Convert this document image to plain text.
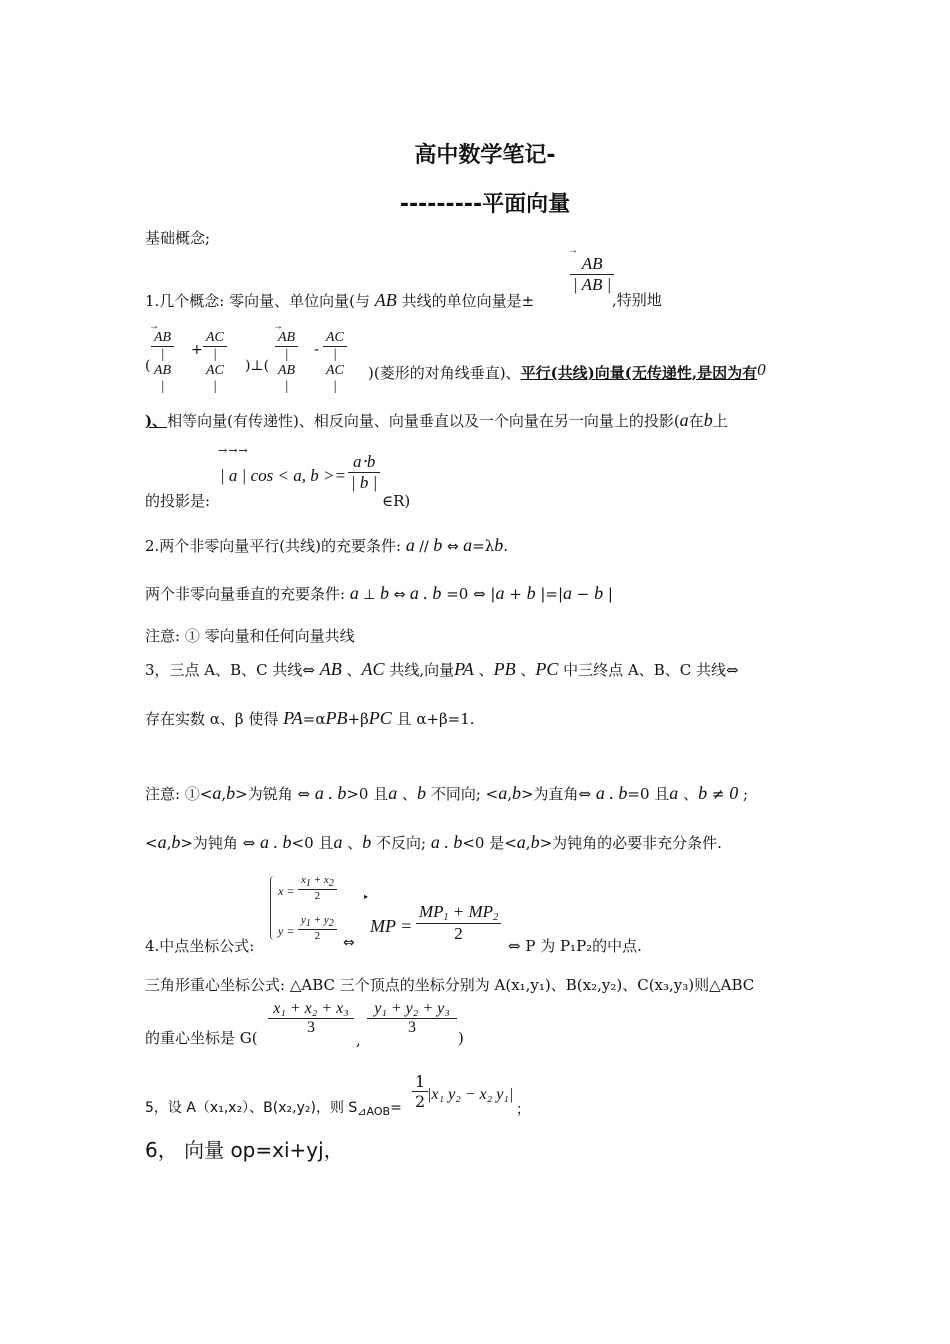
高中数学笔记-
---------平面向量
基础概念;
1.几个概念: 零向量、单位向量(与 AB 共线的单位向量是±
→ $\frac{AB}{| AB |}$
,特别地
( → $\frac{AB}{| AB |} + \frac{AC}{| AC |}$ )⊥( → $\frac{AB}{| AB |} - \frac{AC}{| AC |}$ )(菱形的对角线垂直)、平行(共线)向量(无传递性,是因为有0
)、相等向量(有传递性)、相反向量、向量垂直以及一个向量在另一向量上的投影(a在b上
的投影是:
→→→
| a | cos < a, $b >= \frac{a\cdot b}{| b |}$
∈R)
2.两个非零向量平行(共线)的充要条件: a // b ⇔ a=λb.
两个非零向量垂直的充要条件: a ⊥ b ⇔ a . b =0 ⇔ |a + b |=|a − b |
注意: ① 零向量和任何向量共线
3，三点 A、B、C 共线⇔ AB 、AC 共线,向量PA 、PB 、PC 中三终点 A、B、C 共线⇔
存在实数 α、β 使得 PA=αPB+βPC 且 α+β=1.
注意: ①<a,b>为锐角 ⇔ a . b>0 且a 、b 不同向; <a,b>为直角⇔ a . b=0 且a 、b ≠ 0 ;
<a,b>为钝角 ⇔ a . b<0 且a 、b 不反向; a . b<0 是<a,b>为钝角的必要非充分条件.
4.中点坐标公式:
$x = \frac{x1 + x2}{2}$
$y = \frac{y1 + y2}{2}$
⇔
▸
MP = $\frac{MP_1 + MP_2}{2}$
⇔ P 为 P₁P₂的中点.
三角形重心坐标公式: △ABC 三个顶点的坐标分别为 A(x₁,y₁)、B(x₂,y₂)、C(x₃,y₃)则△ABC
的重心坐标是 G(
$\frac{\text{x₁ + x₂ + x₃}}{3}$
,
$\frac{\text{y₁ + y₂ + y₃}}{3}$
)
5，设 A（x₁,x₂）、B(x₂,y₂)，则 $S_{⊿AOB}= \frac{1}{2}$
|x₁ y₂ − x₂ y₁|
；
6， 向量 op=xi+yj，
